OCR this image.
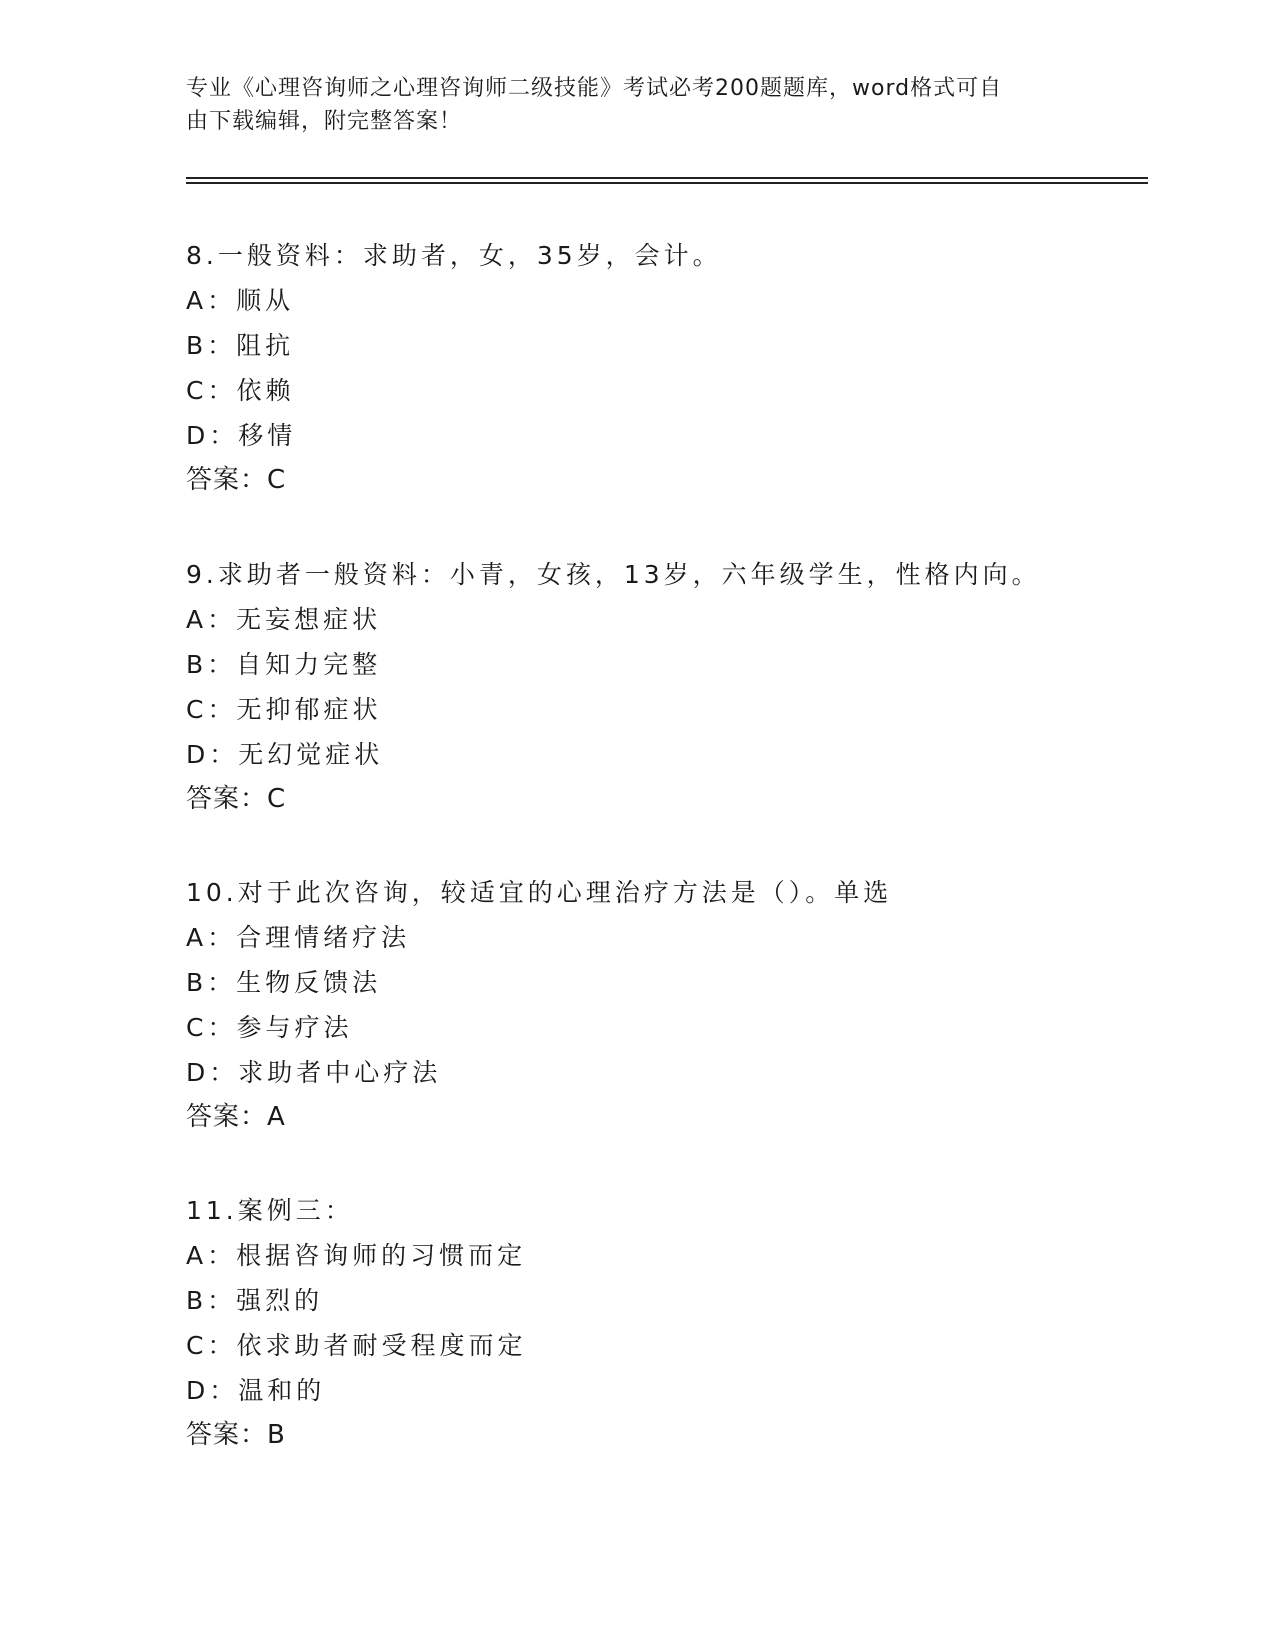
专业《心理咨询师之心理咨询师二级技能》考试必考200题题库，word格式可自
由下载编辑，附完整答案！
8.一般资料：求助者，女，35岁，会计。
A：顺从
B：阻抗
C：依赖
D：移情
答案：C
9.求助者一般资料：小青，女孩，13岁，六年级学生，性格内向。
A：无妄想症状
B：自知力完整
C：无抑郁症状
D：无幻觉症状
答案：C
10.对于此次咨询，较适宜的心理治疗方法是（）。单选
A：合理情绪疗法
B：生物反馈法
C：参与疗法
D：求助者中心疗法
答案：A
11.案例三：
A：根据咨询师的习惯而定
B：强烈的
C：依求助者耐受程度而定
D：温和的
答案：B
